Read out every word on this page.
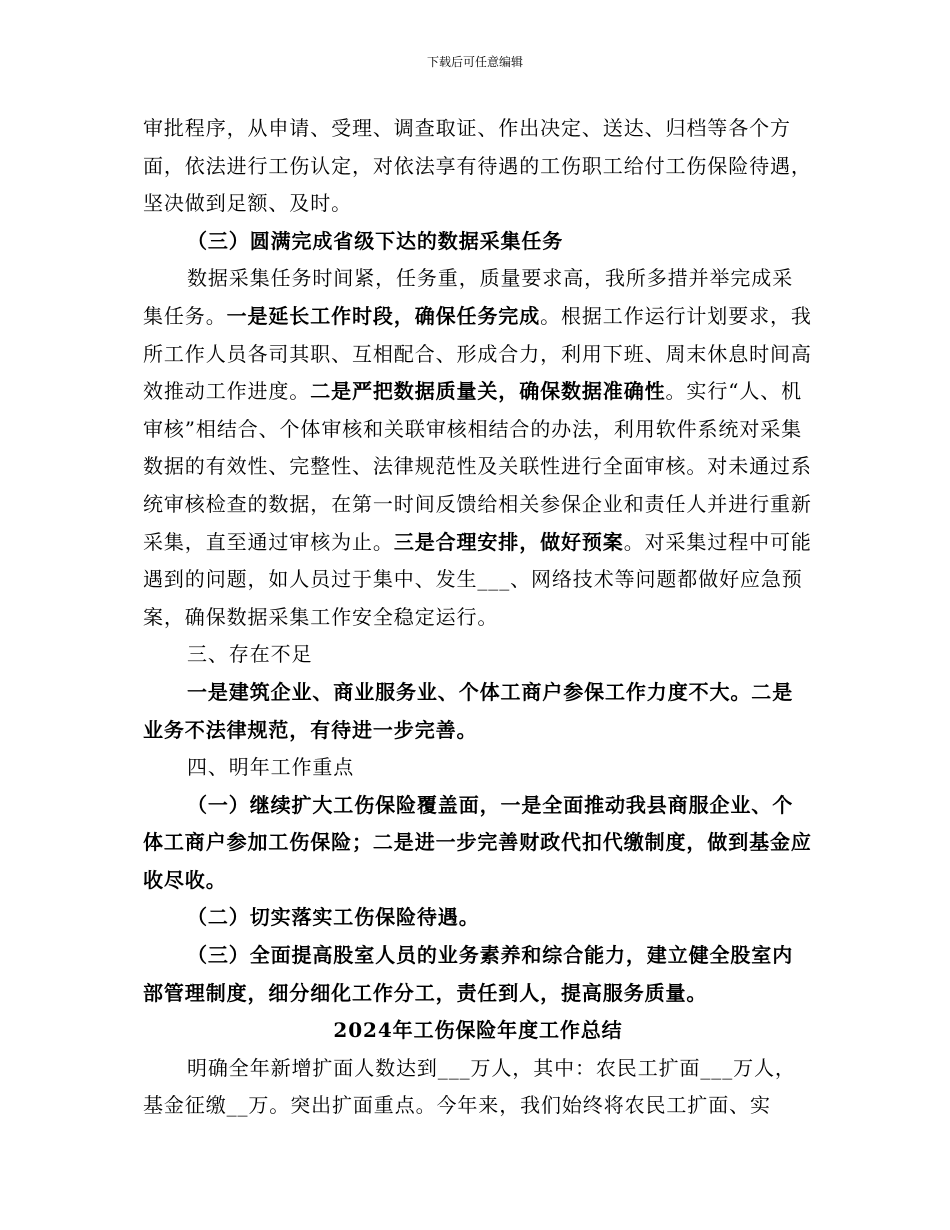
下载后可任意编辑

审批程序，从申请、受理、调查取证、作出决定、送达、归档等各个方面，依法进行工伤认定，对依法享有待遇的工伤职工给付工伤保险待遇，坚决做到足额、及时。

（三）圆满完成省级下达的数据采集任务

数据采集任务时间紧，任务重，质量要求高，我所多措并举完成采集任务。一是延长工作时段，确保任务完成。根据工作运行计划要求，我所工作人员各司其职、互相配合、形成合力，利用下班、周末休息时间高效推动工作进度。二是严把数据质量关，确保数据准确性。实行“人、机审核”相结合、个体审核和关联审核相结合的办法，利用软件系统对采集数据的有效性、完整性、法律规范性及关联性进行全面审核。对未通过系统审核检查的数据，在第一时间反馈给相关参保企业和责任人并进行重新采集，直至通过审核为止。三是合理安排，做好预案。对采集过程中可能遇到的问题，如人员过于集中、发生___、网络技术等问题都做好应急预案，确保数据采集工作安全稳定运行。

三、存在不足

一是建筑企业、商业服务业、个体工商户参保工作力度不大。二是业务不法律规范，有待进一步完善。

四、明年工作重点

（一）继续扩大工伤保险覆盖面，一是全面推动我县商服企业、个体工商户参加工伤保险；二是进一步完善财政代扣代缴制度，做到基金应收尽收。

（二）切实落实工伤保险待遇。

（三）全面提高股室人员的业务素养和综合能力，建立健全股室内部管理制度，细分细化工作分工，责任到人，提高服务质量。

2024年工伤保险年度工作总结

明确全年新增扩面人数达到___万人，其中：农民工扩面___万人，基金征缴__万。突出扩面重点。今年来，我们始终将农民工扩面、实
